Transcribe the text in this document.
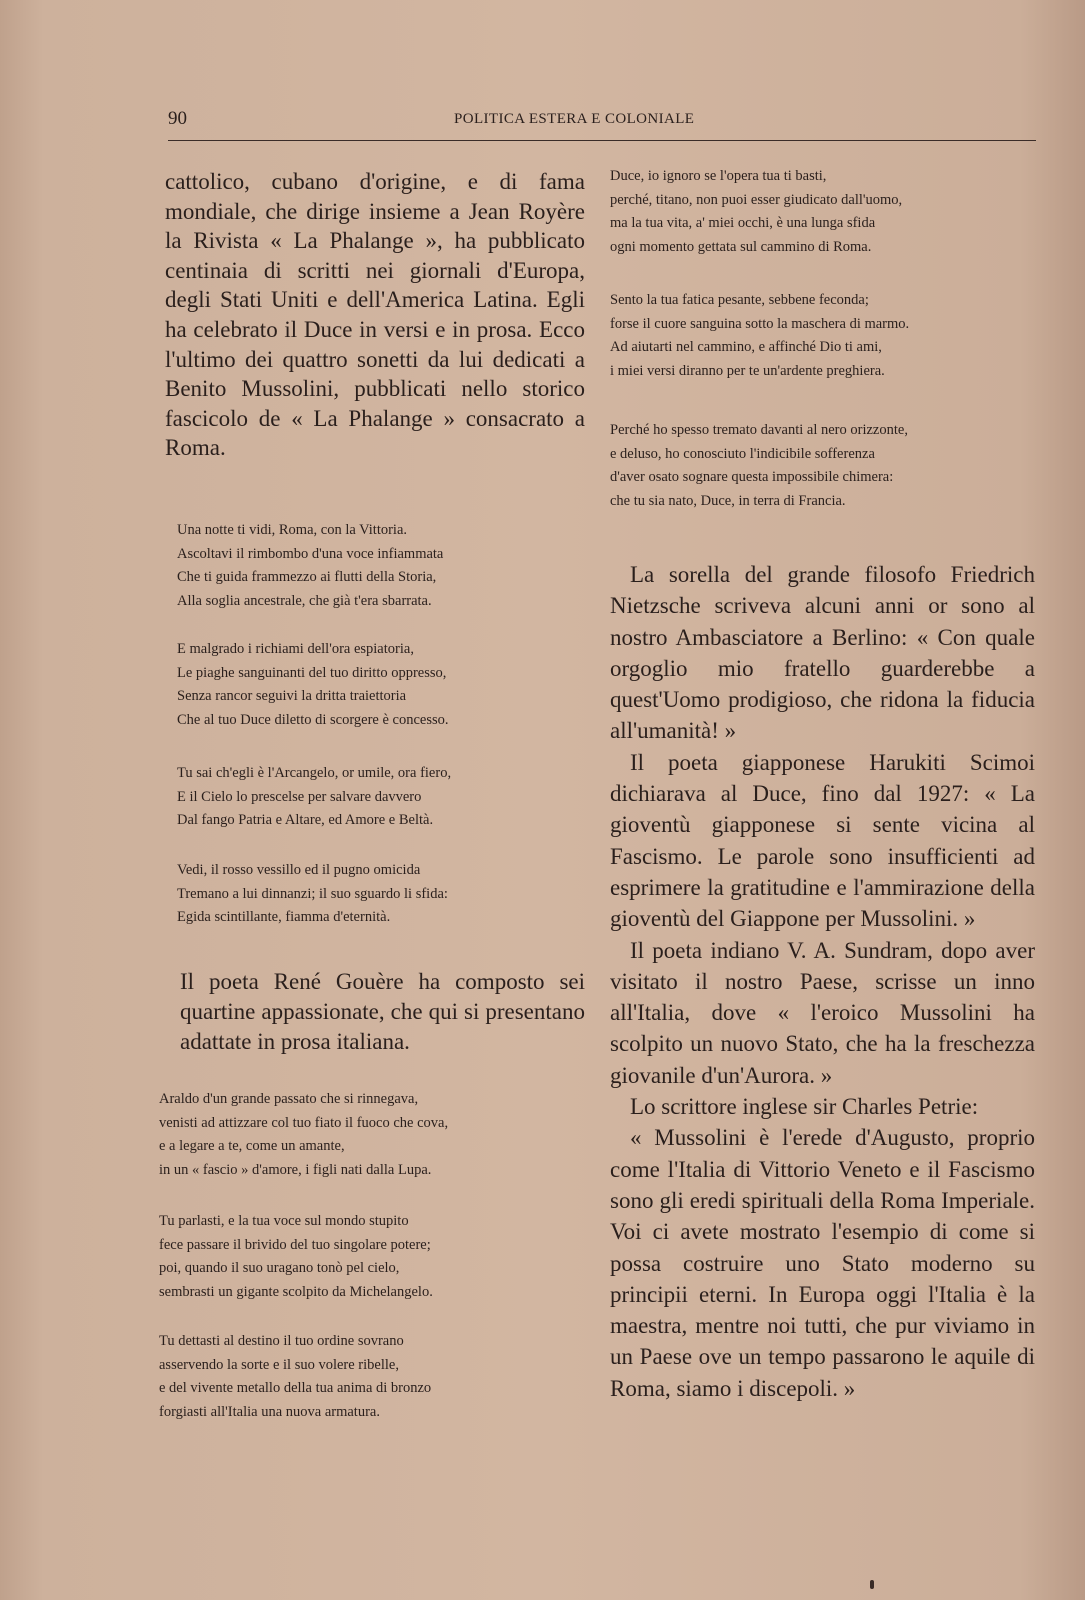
90	POLITICA ESTERA E COLONIALE

cattolico, cubano d'origine, e di fama mondiale, che dirige insieme a Jean Royère la Rivista « La Phalange », ha pubblicato centinaia di scritti nei giornali d'Europa, degli Stati Uniti e dell'America Latina. Egli ha celebrato il Duce in versi e in prosa. Ecco l'ultimo dei quattro sonetti da lui dedicati a Benito Mussolini, pubblicati nello storico fascicolo de « La Phalange » consacrato a Roma.

Una notte ti vidi, Roma, con la Vittoria.
Ascoltavi il rimbombo d'una voce infiammata
Che ti guida frammezzo ai flutti della Storia,
Alla soglia ancestrale, che già t'era sbarrata.
E malgrado i richiami dell'ora espiatoria,
Le piaghe sanguinanti del tuo diritto oppresso,
Senza rancor seguivi la dritta traiettoria
Che al tuo Duce diletto di scorgere è concesso.
Tu sai ch'egli è l'Arcangelo, or umile, ora fiero,
E il Cielo lo prescelse per salvare davvero
Dal fango Patria e Altare, ed Amore e Beltà.
Vedi, il rosso vessillo ed il pugno omicida
Tremano a lui dinnanzi; il suo sguardo li sfida:
Egida scintillante, fiamma d'eternità.

Il poeta René Gouère ha composto sei quartine appassionate, che qui si presentano adattate in prosa italiana.

Araldo d'un grande passato che si rinnegava,
venisti ad attizzare col tuo fiato il fuoco che cova,
e a legare a te, come un amante,
in un « fascio » d'amore, i figli nati dalla Lupa.
Tu parlasti, e la tua voce sul mondo stupito
fece passare il brivido del tuo singolare potere;
poi, quando il suo uragano tonò pel cielo,
sembrasti un gigante scolpito da Michelangelo.
Tu dettasti al destino il tuo ordine sovrano
asservendo la sorte e il suo volere ribelle,
e del vivente metallo della tua anima di bronzo
forgiasti all'Italia una nuova armatura.
Duce, io ignoro se l'opera tua ti basti,
perché, titano, non puoi esser giudicato dall'uomo,
ma la tua vita, a' miei occhi, è una lunga sfida
ogni momento gettata sul cammino di Roma.
Sento la tua fatica pesante, sebbene feconda;
forse il cuore sanguina sotto la maschera di marmo.
Ad aiutarti nel cammino, e affinché Dio ti ami,
i miei versi diranno per te un'ardente preghiera.
Perché ho spesso tremato davanti al nero orizzonte,
e deluso, ho conosciuto l'indicibile sofferenza
d'aver osato sognare questa impossibile chimera:
che tu sia nato, Duce, in terra di Francia.

La sorella del grande filosofo Friedrich Nietzsche scriveva alcuni anni or sono al nostro Ambasciatore a Berlino: « Con quale orgoglio mio fratello guarderebbe a quest'Uomo prodigioso, che ridona la fiducia all'umanità! »

Il poeta giapponese Harukiti Scimoi dichiarava al Duce, fino dal 1927: « La gioventù giapponese si sente vicina al Fascismo. Le parole sono insufficienti ad esprimere la gratitudine e l'ammirazione della gioventù del Giappone per Mussolini. »

Il poeta indiano V. A. Sundram, dopo aver visitato il nostro Paese, scrisse un inno all'Italia, dove « l'eroico Mussolini ha scolpito un nuovo Stato, che ha la freschezza giovanile d'un'Aurora. »

Lo scrittore inglese sir Charles Petrie:

« Mussolini è l'erede d'Augusto, proprio come l'Italia di Vittorio Veneto e il Fascismo sono gli eredi spirituali della Roma Imperiale. Voi ci avete mostrato l'esempio di come si possa costruire uno Stato moderno su principii eterni. In Europa oggi l'Italia è la maestra, mentre noi tutti, che pur viviamo in un Paese ove un tempo passarono le aquile di Roma, siamo i discepoli. »
